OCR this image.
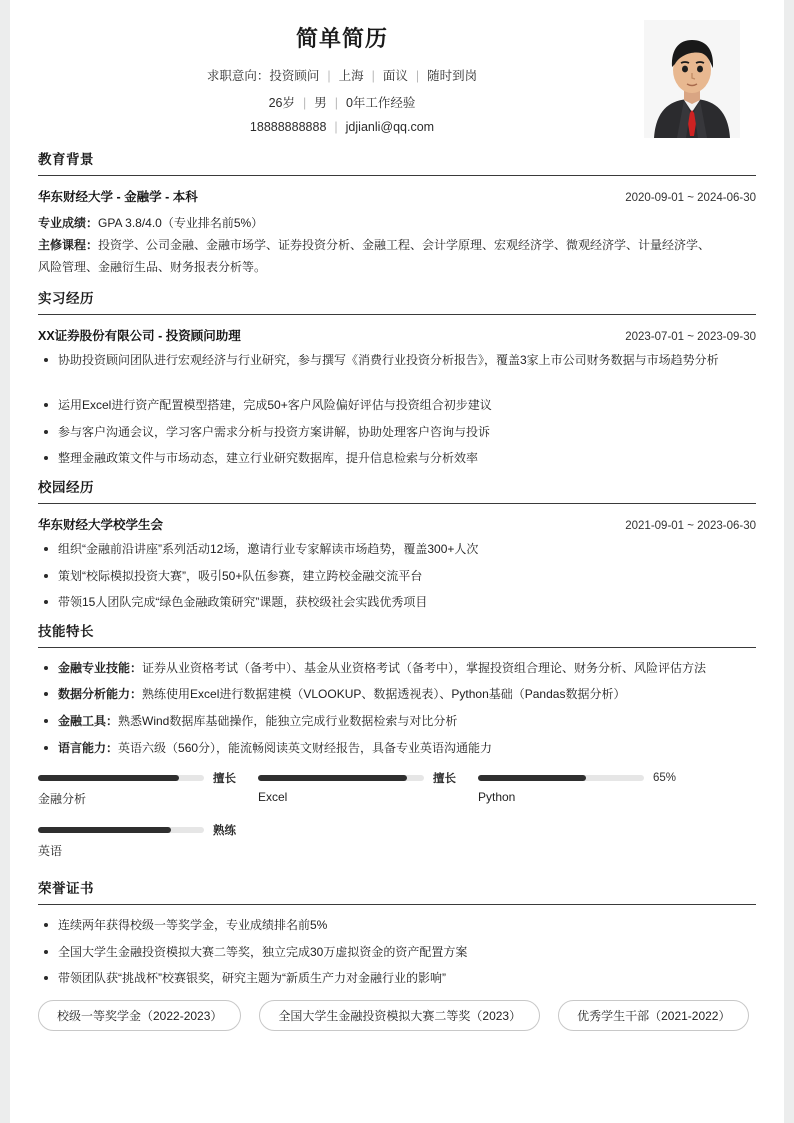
简单简历
求职意向：投资顾问 | 上海 | 面议 | 随时到岗
26岁 | 男 | 0年工作经验
18888888888 | jdjianli@qq.com
教育背景
华东财经大学 - 金融学 - 本科	2020-09-01 ~ 2024-06-30
专业成绩：GPA 3.8/4.0（专业排名前5%）
主修课程：投资学、公司金融、金融市场学、证券投资分析、金融工程、会计学原理、宏观经济学、微观经济学、计量经济学、
风险管理、金融衍生品、财务报表分析等。
实习经历
XX证券股份有限公司 - 投资顾问助理	2023-07-01 ~ 2023-09-30
协助投资顾问团队进行宏观经济与行业研究，参与撰写《消费行业投资分析报告》，覆盖3家上市公司财务数据与市场趋势分析
运用Excel进行资产配置模型搭建，完成50+客户风险偏好评估与投资组合初步建议
参与客户沟通会议，学习客户需求分析与投资方案讲解，协助处理客户咨询与投诉
整理金融政策文件与市场动态，建立行业研究数据库，提升信息检索与分析效率
校园经历
华东财经大学校学生会	2021-09-01 ~ 2023-06-30
组织“金融前沿讲座”系列活动12场，邀请行业专家解读市场趋势，覆盖300+人次
策划“校际模拟投资大赛”，吸引50+队伍参赛，建立跨校金融交流平台
带领15人团队完成“绿色金融政策研究”课题，获校级社会实践优秀项目
技能特长
金融专业技能：证券从业资格考试（备考中）、基金从业资格考试（备考中），掌握投资组合理论、财务分析、风险评估方法
数据分析能力：熟练使用Excel进行数据建模（VLOOKUP、数据透视表）、Python基础（Pandas数据分析）
金融工具：熟悉Wind数据库基础操作，能独立完成行业数据检索与对比分析
语言能力：英语六级（560分），能流畅阅读英文财经报告，具备专业英语沟通能力
擅长
金融分析
擅长
Excel
65%
Python
熟练
英语
荣誉证书
连续两年获得校级一等奖学金，专业成绩排名前5%
全国大学生金融投资模拟大赛二等奖，独立完成30万虚拟资金的资产配置方案
带领团队获“挑战杯”校赛银奖，研究主题为“新质生产力对金融行业的影响”
校级一等奖学金（2022-2023）	全国大学生金融投资模拟大赛二等奖（2023）	优秀学生干部（2021-2022）
